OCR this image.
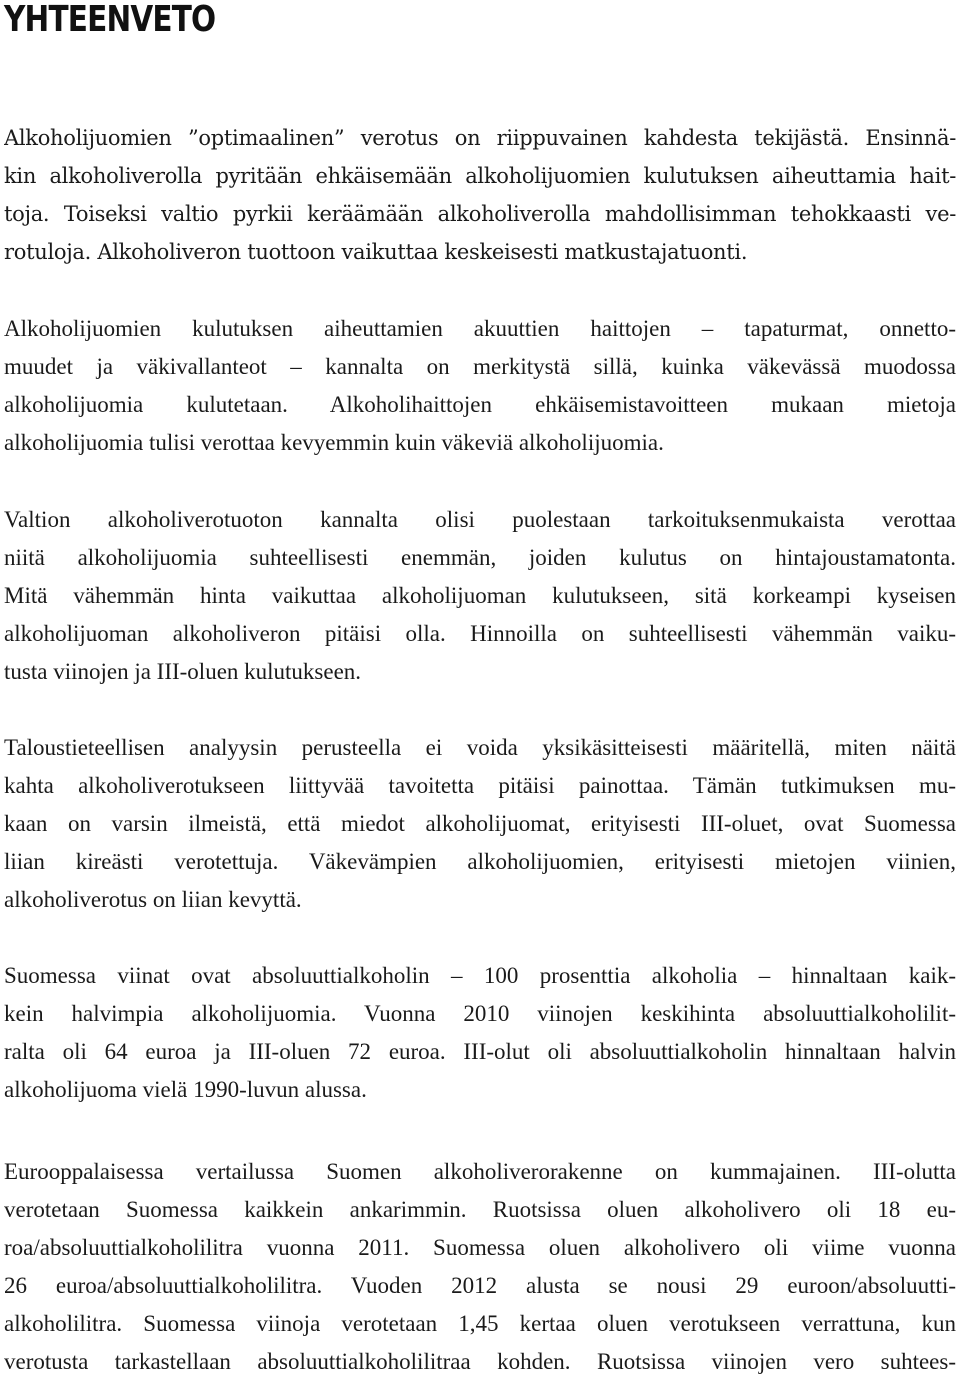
YHTEENVETO
Alkoholijuomien ”optimaalinen” verotus on riippuvainen kahdesta tekijästä. Ensinnä-
kin alkoholiverolla pyritään ehkäisemään alkoholijuomien kulutuksen aiheuttamia hait-
toja. Toiseksi valtio pyrkii keräämään alkoholiverolla mahdollisimman tehokkaasti ve-
rotuloja. Alkoholiveron tuottoon vaikuttaa keskeisesti matkustajatuonti.
Alkoholijuomien kulutuksen aiheuttamien akuuttien haittojen – tapaturmat, onnetto-
muudet ja väkivallanteot – kannalta on merkitystä sillä, kuinka väkevässä muodossa
alkoholijuomia kulutetaan. Alkoholihaittojen ehkäisemistavoitteen mukaan mietoja
alkoholijuomia tulisi verottaa kevyemmin kuin väkeviä alkoholijuomia.
Valtion alkoholiverotuoton kannalta olisi puolestaan tarkoituksenmukaista verottaa
niitä alkoholijuomia suhteellisesti enemmän, joiden kulutus on hintajoustamatonta.
Mitä vähemmän hinta vaikuttaa alkoholijuoman kulutukseen, sitä korkeampi kyseisen
alkoholijuoman alkoholiveron pitäisi olla. Hinnoilla on suhteellisesti vähemmän vaiku-
tusta viinojen ja III-oluen kulutukseen.
Taloustieteellisen analyysin perusteella ei voida yksikäsitteisesti määritellä, miten näitä
kahta alkoholiverotukseen liittyvää tavoitetta pitäisi painottaa. Tämän tutkimuksen mu-
kaan on varsin ilmeistä, että miedot alkoholijuomat, erityisesti III-oluet, ovat Suomessa
liian kireästi verotettuja. Väkevämpien alkoholijuomien, erityisesti mietojen viinien,
alkoholiverotus on liian kevyttä.
Suomessa viinat ovat absoluuttialkoholin – 100 prosenttia alkoholia – hinnaltaan kaik-
kein halvimpia alkoholijuomia. Vuonna 2010 viinojen keskihinta absoluuttialkoholilit-
ralta oli 64 euroa ja III-oluen 72 euroa. III-olut oli absoluuttialkoholin hinnaltaan halvin
alkoholijuoma vielä 1990-luvun alussa.
Eurooppalaisessa vertailussa Suomen alkoholiverorakenne on kummajainen. III-olutta
verotetaan Suomessa kaikkein ankarimmin. Ruotsissa oluen alkoholivero oli 18 eu-
roa/absoluuttialkoholilitra vuonna 2011. Suomessa oluen alkoholivero oli viime vuonna
26 euroa/absoluuttialkoholilitra. Vuoden 2012 alusta se nousi 29 euroon/absoluutti-
alkoholilitra. Suomessa viinoja verotetaan 1,45 kertaa oluen verotukseen verrattuna, kun
verotusta tarkastellaan absoluuttialkoholilitraa kohden. Ruotsissa viinojen vero suhtees-
